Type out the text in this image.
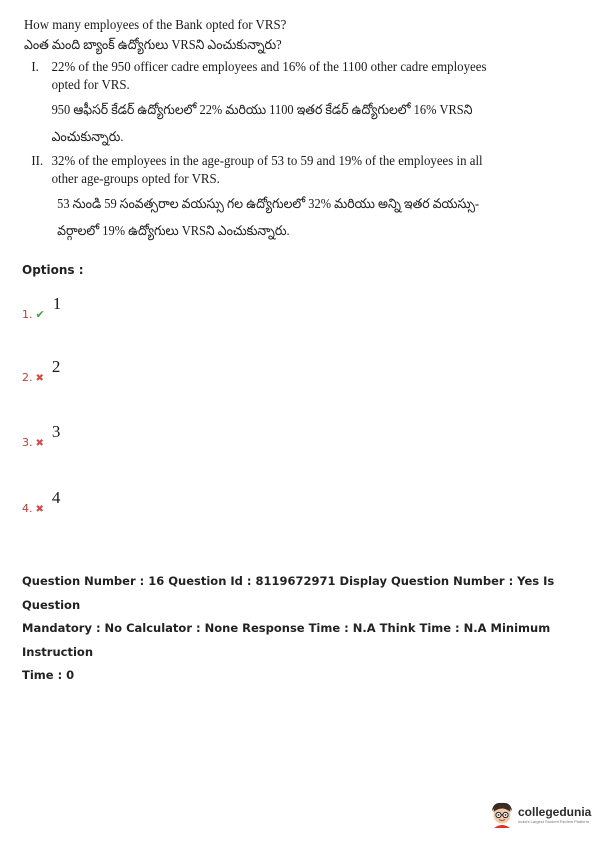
How many employees of the Bank opted for VRS?
ఎంత మంది బ్యాంక్ ఉద్యోగులు VRSని ఎంచుకున్నారు?
I. 22% of the 950 officer cadre employees and 16% of the 1100 other cadre employees
opted for VRS.
950 ఆఫీసర్ కేడర్ ఉద్యోగులలో 22% మరియు 1100 ఇతర కేడర్ ఉద్యోగులలో 16% VRSని
ఎంచుకున్నారు.
II. 32% of the employees in the age-group of 53 to 59 and 19% of the employees in all
other age-groups opted for VRS.
53 నుండి 59 సంవత్సరాల వయస్సు గల ఉద్యోగులలో 32% మరియు అన్ని ఇతర వయస్సు-
వర్గాలలో 19% ఉద్యోగులు VRSని ఎంచుకున్నారు.
Options :
1. ✔
1
2. ✖
2
3. ✖
3
4. ✖
4
Question Number : 16 Question Id : 8119672971 Display Question Number : Yes Is Question
Mandatory : No Calculator : None Response Time : N.A Think Time : N.A Minimum Instruction
Time : 0
collegedunia
India's Largest Student Review Platform
